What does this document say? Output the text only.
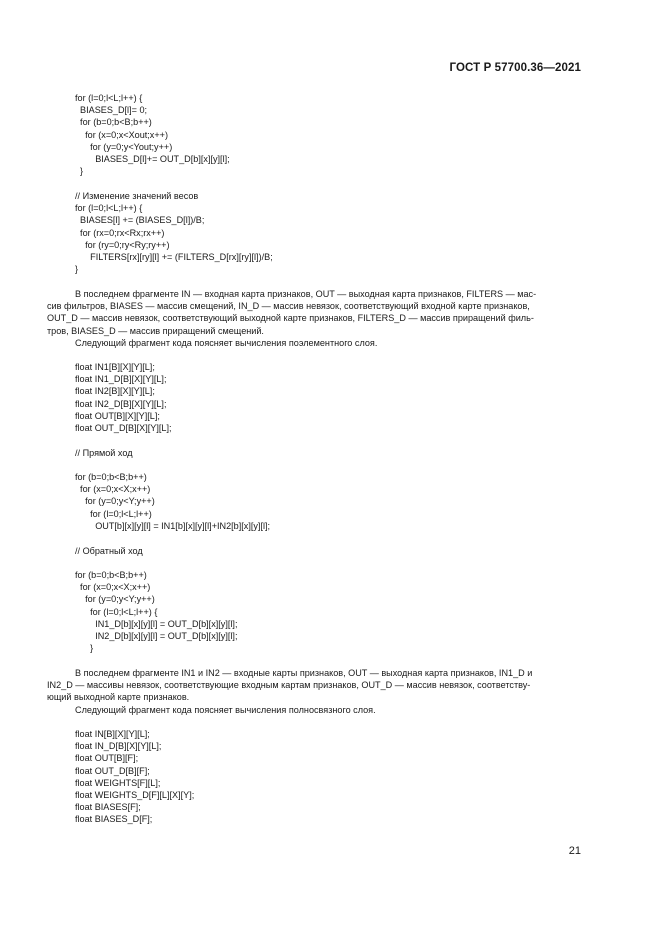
ГОСТ Р 57700.36—2021
for (l=0;l<L;l++) {
BIASES_D[l]= 0;
for (b=0;b<B;b++)
for (x=0;x<Xout;x++)
for (y=0;y<Yout;y++)
BIASES_D[l]+= OUT_D[b][x][y][l];
}
// Изменение значений весов
for (l=0;l<L;l++) {
BIASES[l] += (BIASES_D[l])/B;
for (rx=0;rx<Rx;rx++)
for (ry=0;ry<Ry;ry++)
FILTERS[rx][ry][l] += (FILTERS_D[rx][ry][l])/B;
}
В последнем фрагменте IN — входная карта признаков, OUT — выходная карта признаков, FILTERS — мас-
сив фильтров, BIASES — массив смещений, IN_D — массив невязок, соответствующий входной карте признаков,
OUT_D — массив невязок, соответствующий выходной карте признаков, FILTERS_D — массив приращений филь-
тров, BIASES_D — массив приращений смещений.
Следующий фрагмент кода поясняет вычисления поэлементного слоя.
float IN1[B][X][Y][L];
float IN1_D[B][X][Y][L];
float IN2[B][X][Y][L];
float IN2_D[B][X][Y][L];
float OUT[B][X][Y][L];
float OUT_D[B][X][Y][L];
// Прямой ход
for (b=0;b<B;b++)
for (x=0;x<X;x++)
for (y=0;y<Y;y++)
for (l=0;l<L;l++)
OUT[b][x][y][l] = IN1[b][x][y][l]+IN2[b][x][y][l];
// Обратный ход
for (b=0;b<B;b++)
for (x=0;x<X;x++)
for (y=0;y<Y;y++)
for (l=0;l<L;l++) {
IN1_D[b][x][y][l] = OUT_D[b][x][y][l];
IN2_D[b][x][y][l] = OUT_D[b][x][y][l];
}
В последнем фрагменте IN1 и IN2 — входные карты признаков, OUT — выходная карта признаков, IN1_D и
IN2_D — массивы невязок, соответствующие входным картам признаков, OUT_D — массив невязок, соответству-
ющий выходной карте признаков.
Следующий фрагмент кода поясняет вычисления полносвязного слоя.
float IN[B][X][Y][L];
float IN_D[B][X][Y][L];
float OUT[B][F];
float OUT_D[B][F];
float WEIGHTS[F][L];
float WEIGHTS_D[F][L][X][Y];
float BIASES[F];
float BIASES_D[F];
21
